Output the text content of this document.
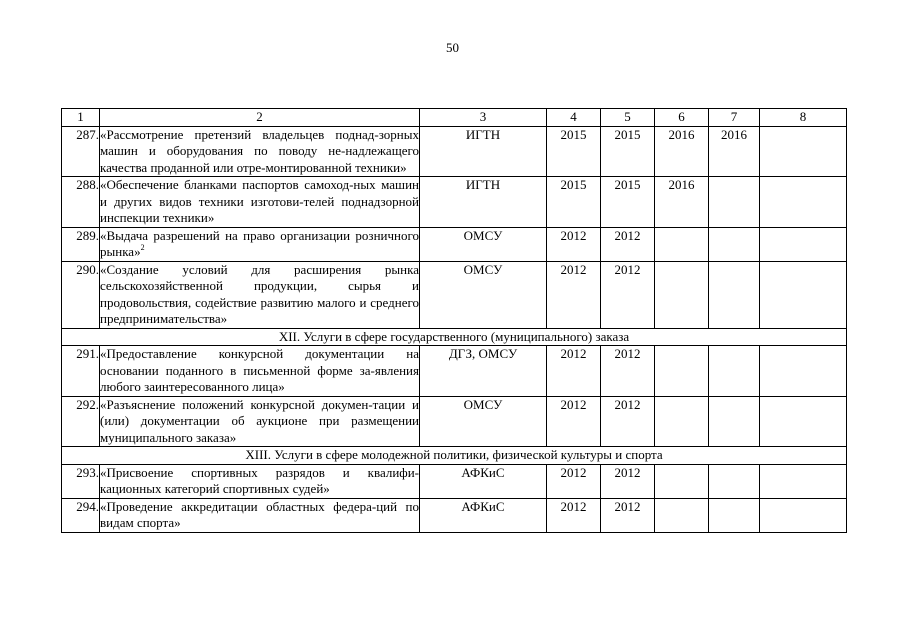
50
1	2	3	4	5	6	7	8
287.	«Рассмотрение претензий владельцев поднад-зорных машин и оборудования по поводу не-надлежащего качества проданной или отре-монтированной техники»	ИГТН	2015	2015	2016	2016	
288.	«Обеспечение бланками паспортов самоход-ных машин и других видов техники изготови-телей поднадзорной инспекции техники»	ИГТН	2015	2015	2016		
289.	«Выдача разрешений на право организации розничного рынка»$^2$	ОМСУ	2012	2012			
290.	«Создание условий для расширения рынка сельскохозяйственной продукции, сырья и продовольствия, содействие развитию малого и среднего предпринимательства»	ОМСУ	2012	2012			
XII. Услуги в сфере государственного (муниципального) заказа							
291.	«Предоставление конкурсной документации на основании поданного в письменной форме за-явления любого заинтересованного лица»	ДГЗ, ОМСУ	2012	2012			
292.	«Разъяснение положений конкурсной докумен-тации и (или) документации об аукционе при размещении муниципального заказа»	ОМСУ	2012	2012			
XIII. Услуги в сфере молодежной политики, физической культуры и спорта							
293.	«Присвоение спортивных разрядов и квалифи-кационных категорий спортивных судей»	АФКиС	2012	2012			
294.	«Проведение аккредитации областных федера-ций по видам спорта»	АФКиС	2012	2012			
